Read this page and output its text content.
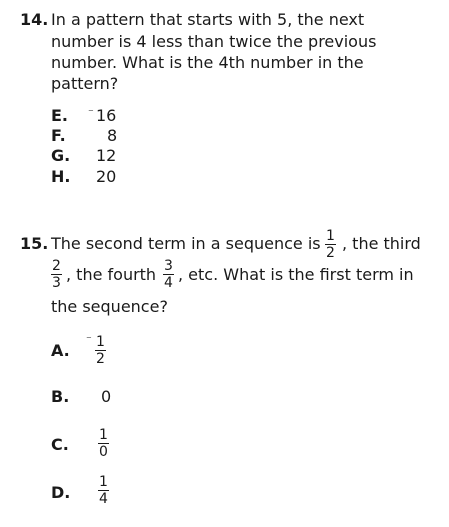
14. In a pattern that starts with 5, the next
number is 4 less than twice the previous
number. What is the 4th number in the
pattern?
E. ⁻ 16
F.	8
G. 12
H. 20
15. The second term in a sequence is 1
2 , the third
2
3 , the fourth 3
4 , etc. What is the first term in
the sequence?
A.
⁻ 1
2
B. 0
C. 1
0
D.
1
4
